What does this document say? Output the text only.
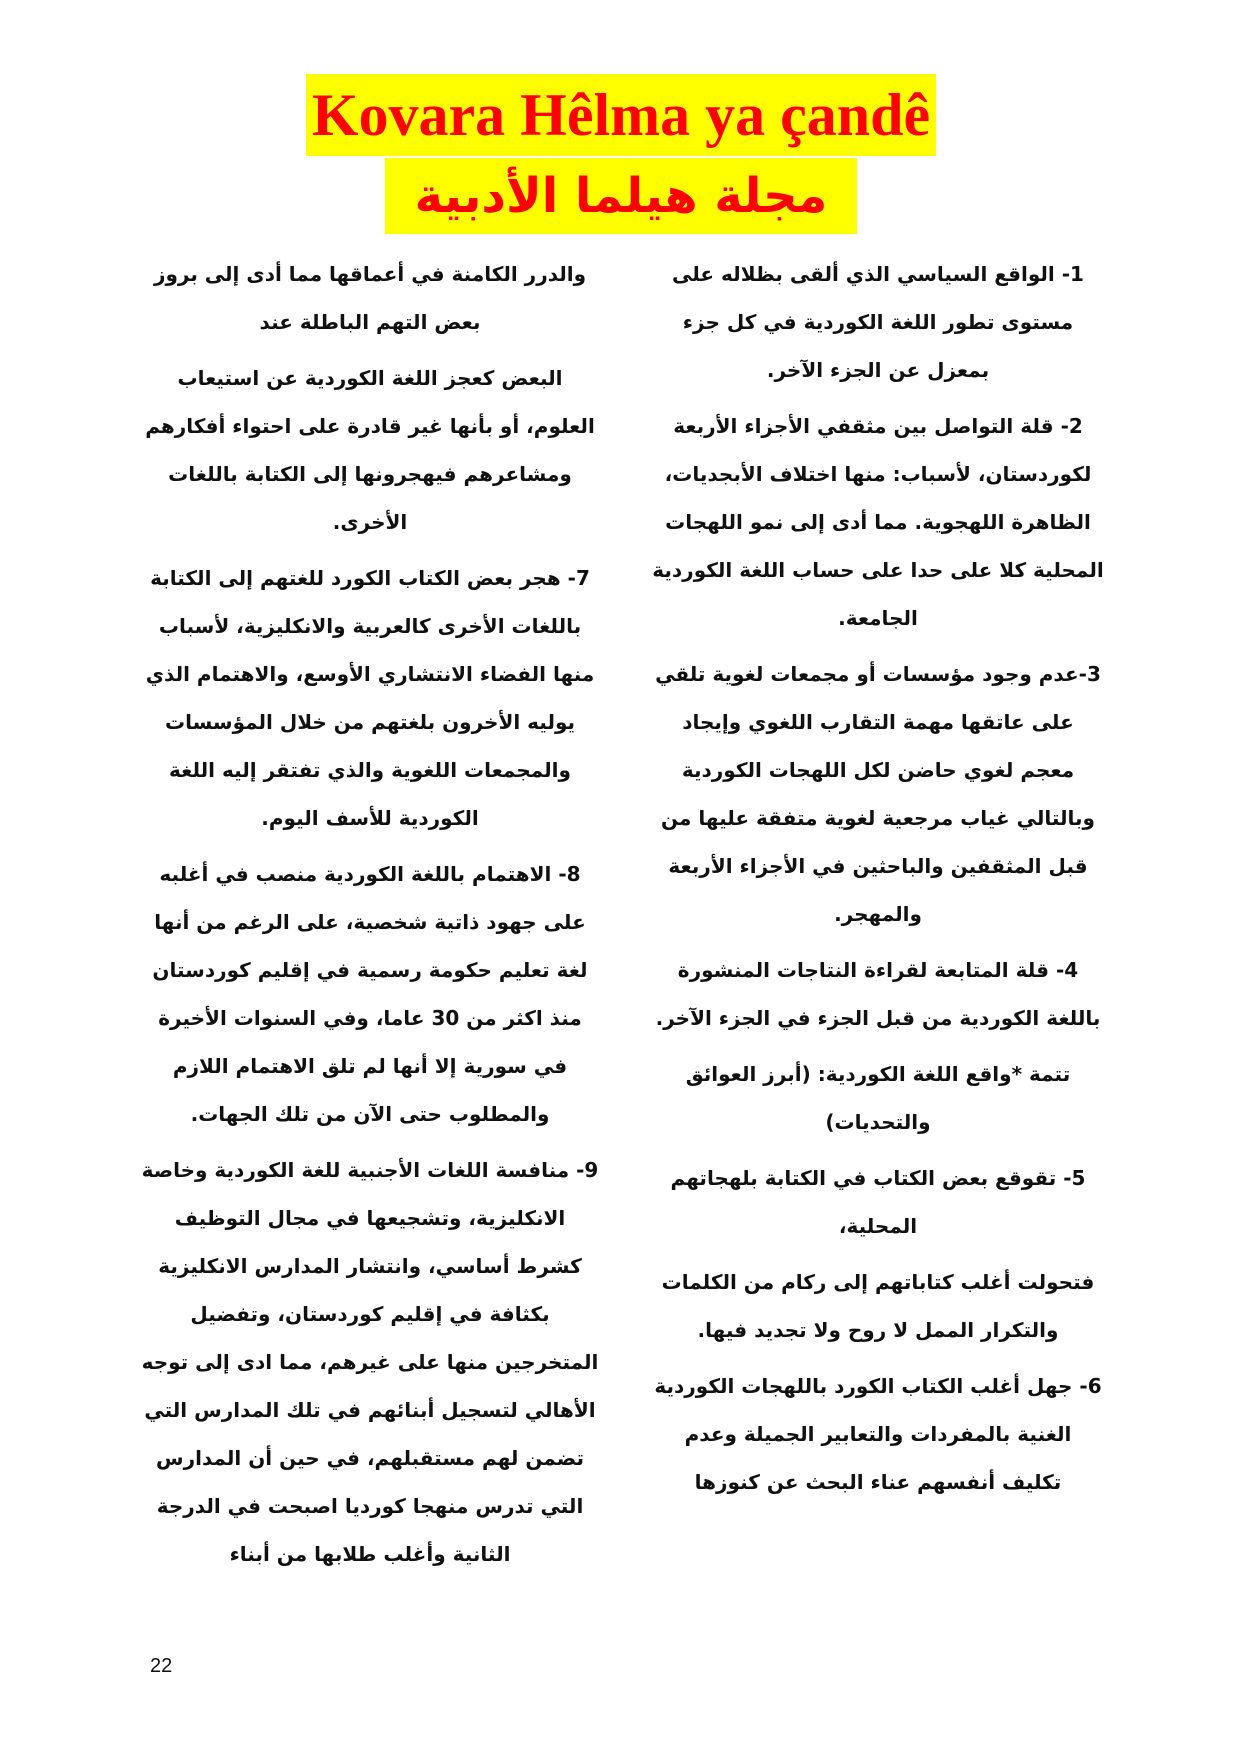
Kovara Hêlma ya çandê
مجلة هيلما الأدبية

1- الواقع السياسي الذي ألقى بظلاله على مستوى تطور اللغة الكوردية في كل جزء بمعزل عن الجزء الآخر.

2- قلة التواصل بين مثقفي الأجزاء الأربعة لكوردستان، لأسباب: منها اختلاف الأبجديات، الظاهرة اللهجوية. مما أدى إلى نمو اللهجات المحلية كلا على حدا على حساب اللغة الكوردية الجامعة.

3-عدم وجود مؤسسات أو مجمعات لغوية تلقي على عاتقها مهمة التقارب اللغوي وإيجاد معجم لغوي حاضن لكل اللهجات الكوردية وبالتالي غياب مرجعية لغوية متفقة عليها من قبل المثقفين والباحثين في الأجزاء الأربعة والمهجر.

4- قلة المتابعة لقراءة النتاجات المنشورة باللغة الكوردية من قبل الجزء في الجزء الآخر.

تتمة *واقع اللغة الكوردية: (أبرز العوائق والتحديات)

5- تقوقع بعض الكتاب في الكتابة بلهجاتهم المحلية،

فتحولت أغلب كتاباتهم إلى ركام من الكلمات والتكرار الممل لا روح ولا تجديد فيها.

6- جهل أغلب الكتاب الكورد باللهجات الكوردية الغنية بالمفردات والتعابير الجميلة وعدم تكليف أنفسهم عناء البحث عن كنوزها

والدرر الكامنة في أعماقها مما أدى إلى بروز بعض التهم الباطلة عند

البعض كعجز اللغة الكوردية عن استيعاب العلوم، أو بأنها غير قادرة على احتواء أفكارهم ومشاعرهم فيهجرونها إلى الكتابة باللغات الأخرى.

7- هجر بعض الكتاب الكورد للغتهم إلى الكتابة باللغات الأخرى كالعربية والانكليزية، لأسباب منها الفضاء الانتشاري الأوسع، والاهتمام الذي يوليه الأخرون بلغتهم من خلال المؤسسات والمجمعات اللغوية والذي تفتقر إليه اللغة الكوردية للأسف اليوم.

8- الاهتمام باللغة الكوردية منصب في أغلبه على جهود ذاتية شخصية، على الرغم من أنها لغة تعليم حكومة رسمية في إقليم كوردستان منذ اكثر من 30 عاما، وفي السنوات الأخيرة في سورية إلا أنها لم تلق الاهتمام اللازم والمطلوب حتى الآن من تلك الجهات.

9- منافسة اللغات الأجنبية للغة الكوردية وخاصة الانكليزية، وتشجيعها في مجال التوظيف كشرط أساسي، وانتشار المدارس الانكليزية بكثافة في إقليم كوردستان، وتفضيل المتخرجين منها على غيرهم، مما ادى إلى توجه الأهالي لتسجيل أبنائهم في تلك المدارس التي تضمن لهم مستقبلهم، في حين أن المدارس التي تدرس منهجا كورديا اصبحت في الدرجة الثانية وأغلب طلابها من أبناء

22
